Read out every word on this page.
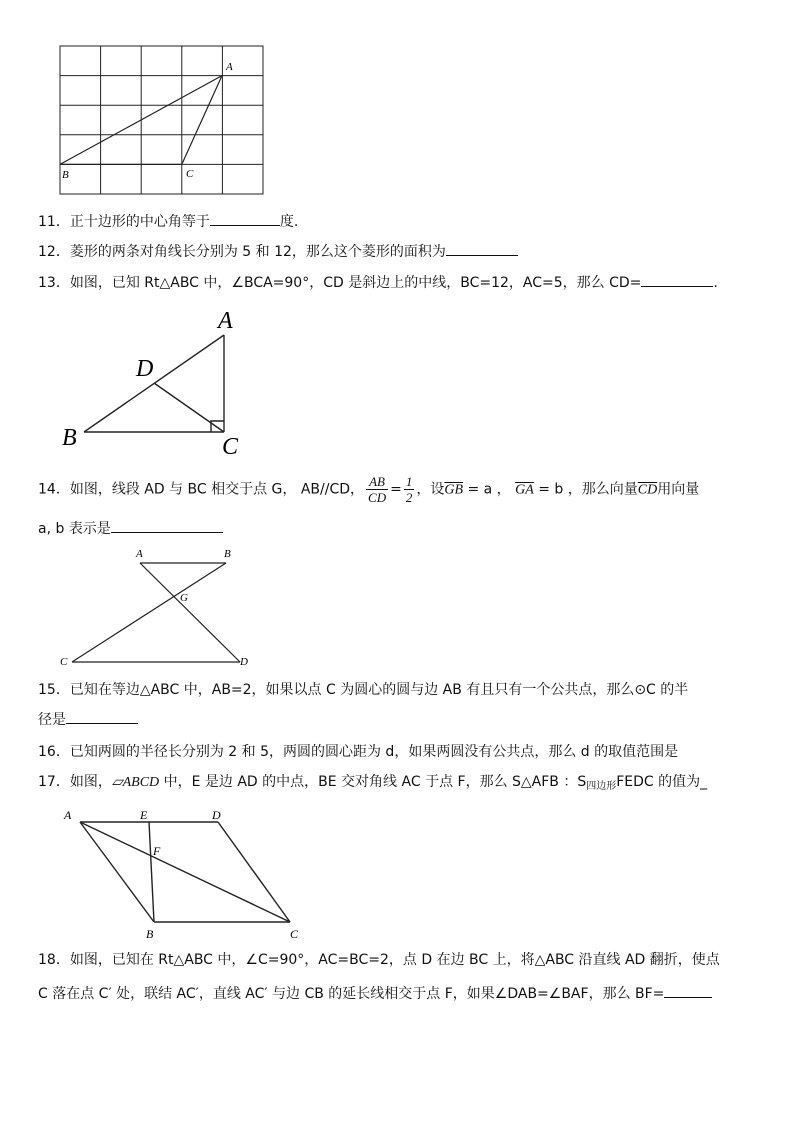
A
B	C
11．正十边形的中心角等于	度.
12．菱形的两条对角线长分别为 5 和 12，那么这个菱形的面积为
13．如图，已知 Rt△ABC 中，∠BCA=90°，CD 是斜边上的中线，BC=12，AC=5，那么 CD=	.
A
D
B	C
14．如图，线段 AD 与 BC 相交于点 G， AB//CD， $\frac{AB}{CD} = \frac{1}{2}$ ，设$\overline{GB} = a$ ， $\overline{GA} = b$ ，那么向量$\overline{CD}$用向量
a, b 表示是
A	B
G
C	D
15．已知在等边△ABC 中，AB=2，如果以点 C 为圆心的圆与边 AB 有且只有一个公共点，那么⊙C 的半
径是
16．已知两圆的半径长分别为 2 和 5，两圆的圆心距为 d，如果两圆没有公共点，那么 d 的取值范围是
17．如图，▱ABCD 中，E 是边 AD 的中点，BE 交对角线 AC 于点 F，那么 S△AFB ：$S_{四边形}FEDC$ 的值为_
A	E	D
F
B	C
18．如图，已知在 Rt△ABC 中，∠C=90°，AC=BC=2，点 D 在边 BC 上，将△ABC 沿直线 AD 翻折，使点
C 落在点 C′ 处，联结 AC′，直线 AC′ 与边 CB 的延长线相交于点 F，如果∠DAB=∠BAF，那么 BF=
